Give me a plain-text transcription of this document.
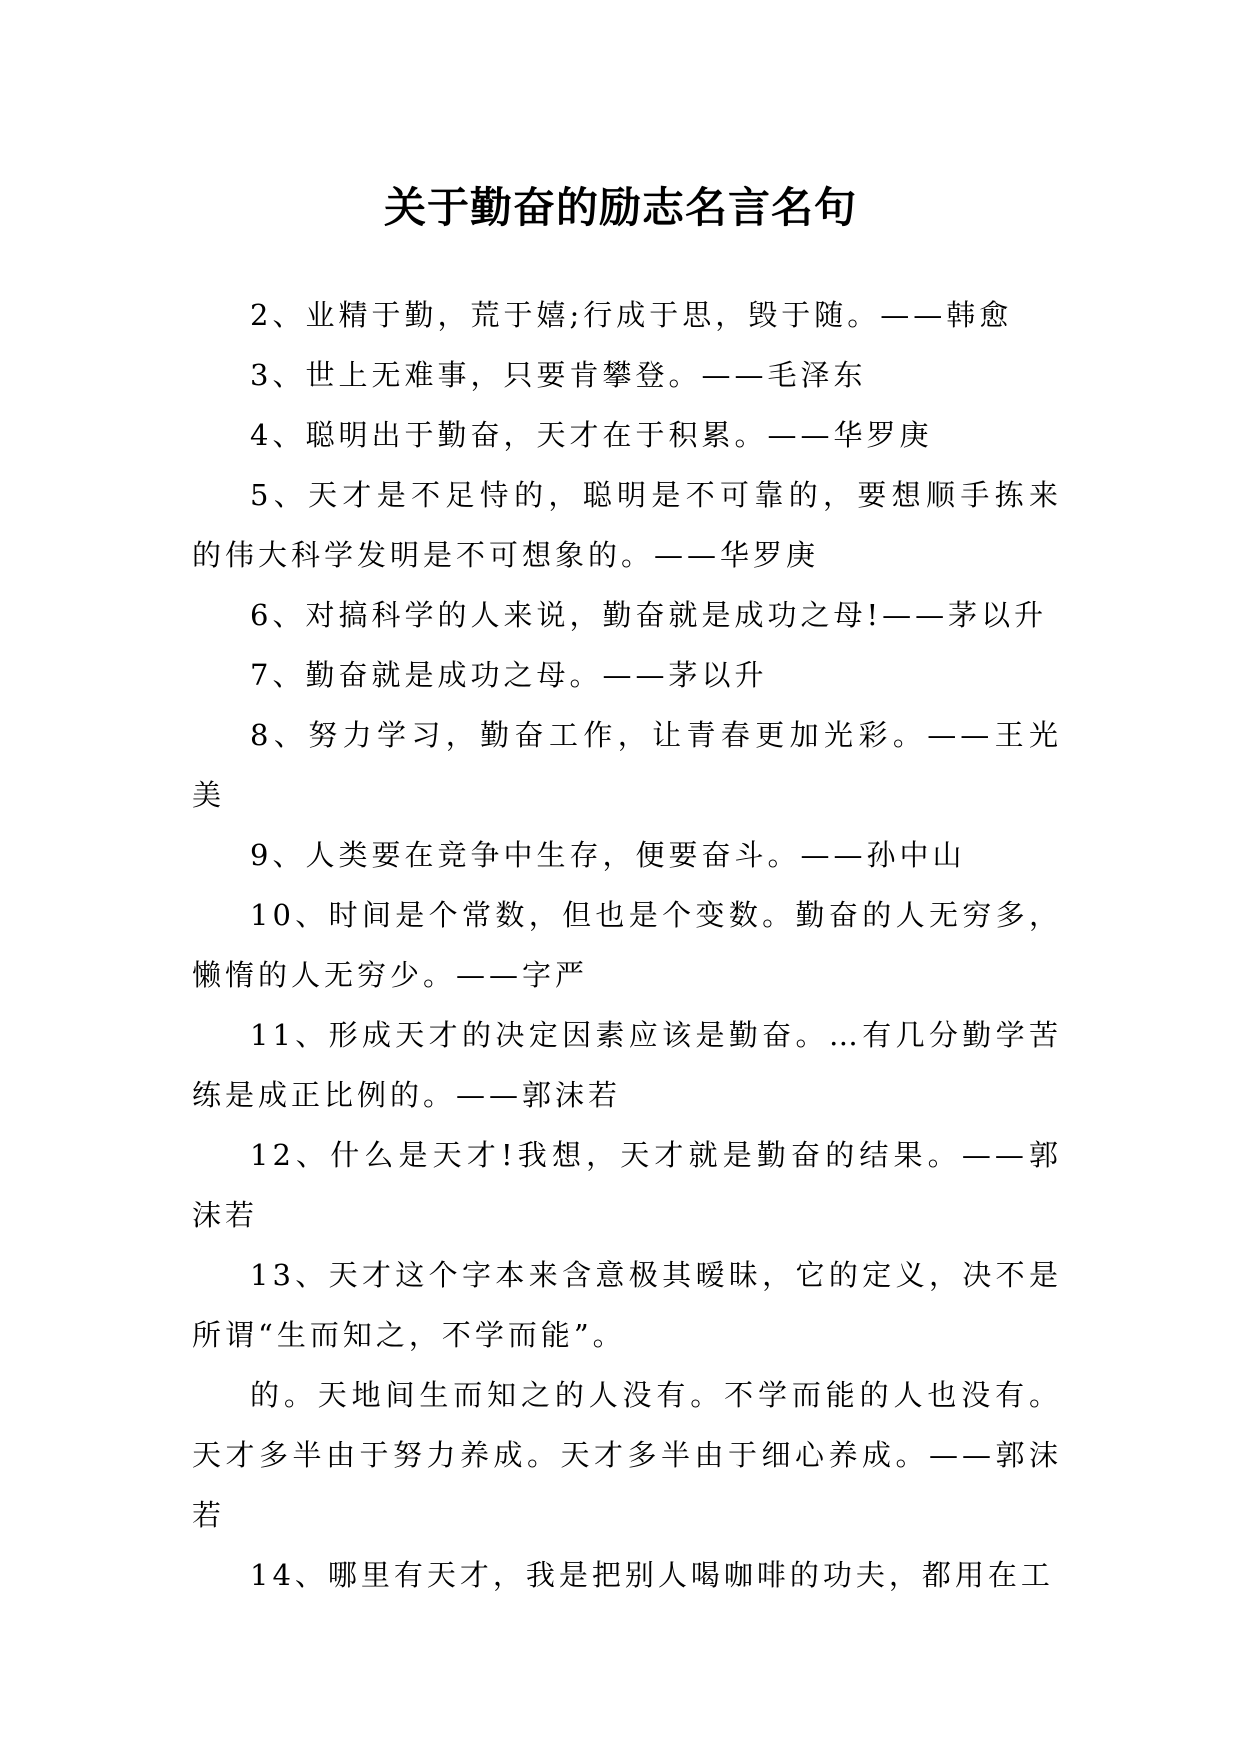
关于勤奋的励志名言名句

2、业精于勤，荒于嬉;行成于思，毁于随。——韩愈

3、世上无难事，只要肯攀登。——毛泽东

4、聪明出于勤奋，天才在于积累。——华罗庚

5、天才是不足恃的，聪明是不可靠的，要想顺手拣来的伟大科学发明是不可想象的。——华罗庚

6、对搞科学的人来说，勤奋就是成功之母!——茅以升

7、勤奋就是成功之母。——茅以升

8、努力学习，勤奋工作，让青春更加光彩。——王光美

9、人类要在竞争中生存，便要奋斗。——孙中山

10、时间是个常数，但也是个变数。勤奋的人无穷多，懒惰的人无穷少。——字严

11、形成天才的决定因素应该是勤奋。…有几分勤学苦练是成正比例的。——郭沫若

12、什么是天才!我想，天才就是勤奋的结果。——郭沫若

13、天才这个字本来含意极其暧昧，它的定义，决不是所谓“生而知之，不学而能”。

的。天地间生而知之的人没有。不学而能的人也没有。天才多半由于努力养成。天才多半由于细心养成。——郭沫若

14、哪里有天才，我是把别人喝咖啡的功夫，都用在工
